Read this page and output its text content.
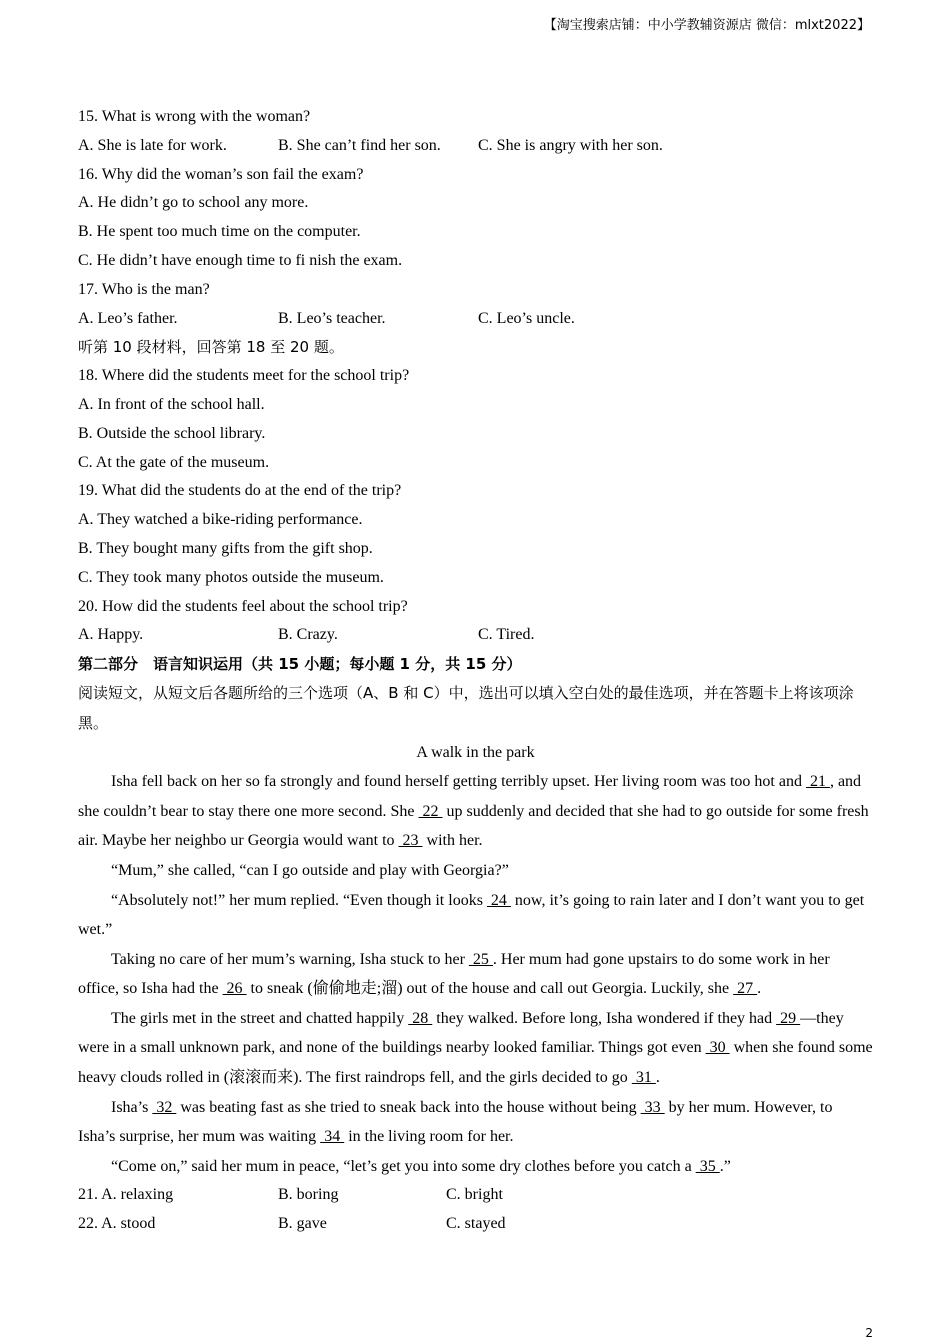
【淘宝搜索店铺：中小学教辅资源店 微信：mlxt2022】
15. What is wrong with the woman?
A. She is late for work.	B. She can’t find her son. C. She is angry with her son.
16. Why did the woman’s son fail the exam?
A. He didn’t go to school any more.
B. He spent too much time on the computer.
C. He didn’t have enough time to fi nish the exam.
17. Who is the man?
A. Leo’s father.	B. Leo’s teacher.	C. Leo’s uncle.
听第 10 段材料，回答第 18 至 20 题。
18. Where did the students meet for the school trip?
A. In front of the school hall.
B. Outside the school library.
C. At the gate of the museum.
19. What did the students do at the end of the trip?
A. They watched a bike-riding performance.
B. They bought many gifts from the gift shop.
C. They took many photos outside the museum.
20. How did the students feel about the school trip?
A. Happy.	B. Crazy.	C. Tired.
第二部分　语言知识运用（共 15 小题；每小题 1 分，共 15 分）
阅读短文，从短文后各题所给的三个选项（A、B 和 C）中，选出可以填入空白处的最佳选项，并在答题卡上将该项涂黑。
A walk in the park
Isha fell back on her so fa strongly and found herself getting terribly upset. Her living room was too hot and  21 , and she couldn’t bear to stay there one more second. She  22  up suddenly and decided that she had to go outside for some fresh air. Maybe her neighbo ur Georgia would want to  23  with her.
“Mum,” she called, “can I go outside and play with Georgia?”
“Absolutely not!” her mum replied. “Even though it looks  24  now, it’s going to rain later and I don’t want you to get wet.”
Taking no care of her mum’s warning, Isha stuck to her  25 . Her mum had gone upstairs to do some work in her office, so Isha had the  26  to sneak (偷偷地走;溜) out of the house and call out Georgia. Luckily, she  27 .
The girls met in the street and chatted happily  28  they walked. Before long, Isha wondered if they had  29 —they were in a small unknown park, and none of the buildings nearby looked familiar. Things got even  30  when she found some heavy clouds rolled in (滚滚而来). The first raindrops fell, and the girls decided to go  31 .
Isha’s  32  was beating fast as she tried to sneak back into the house without being  33  by her mum. However, to Isha’s surprise, her mum was waiting  34  in the living room for her.
“Come on,” said her mum in peace, “let’s get you into some dry clothes before you catch a  35 .”
21. A. relaxing	B. boring	C. bright
22. A. stood	B. gave	C. stayed
2
